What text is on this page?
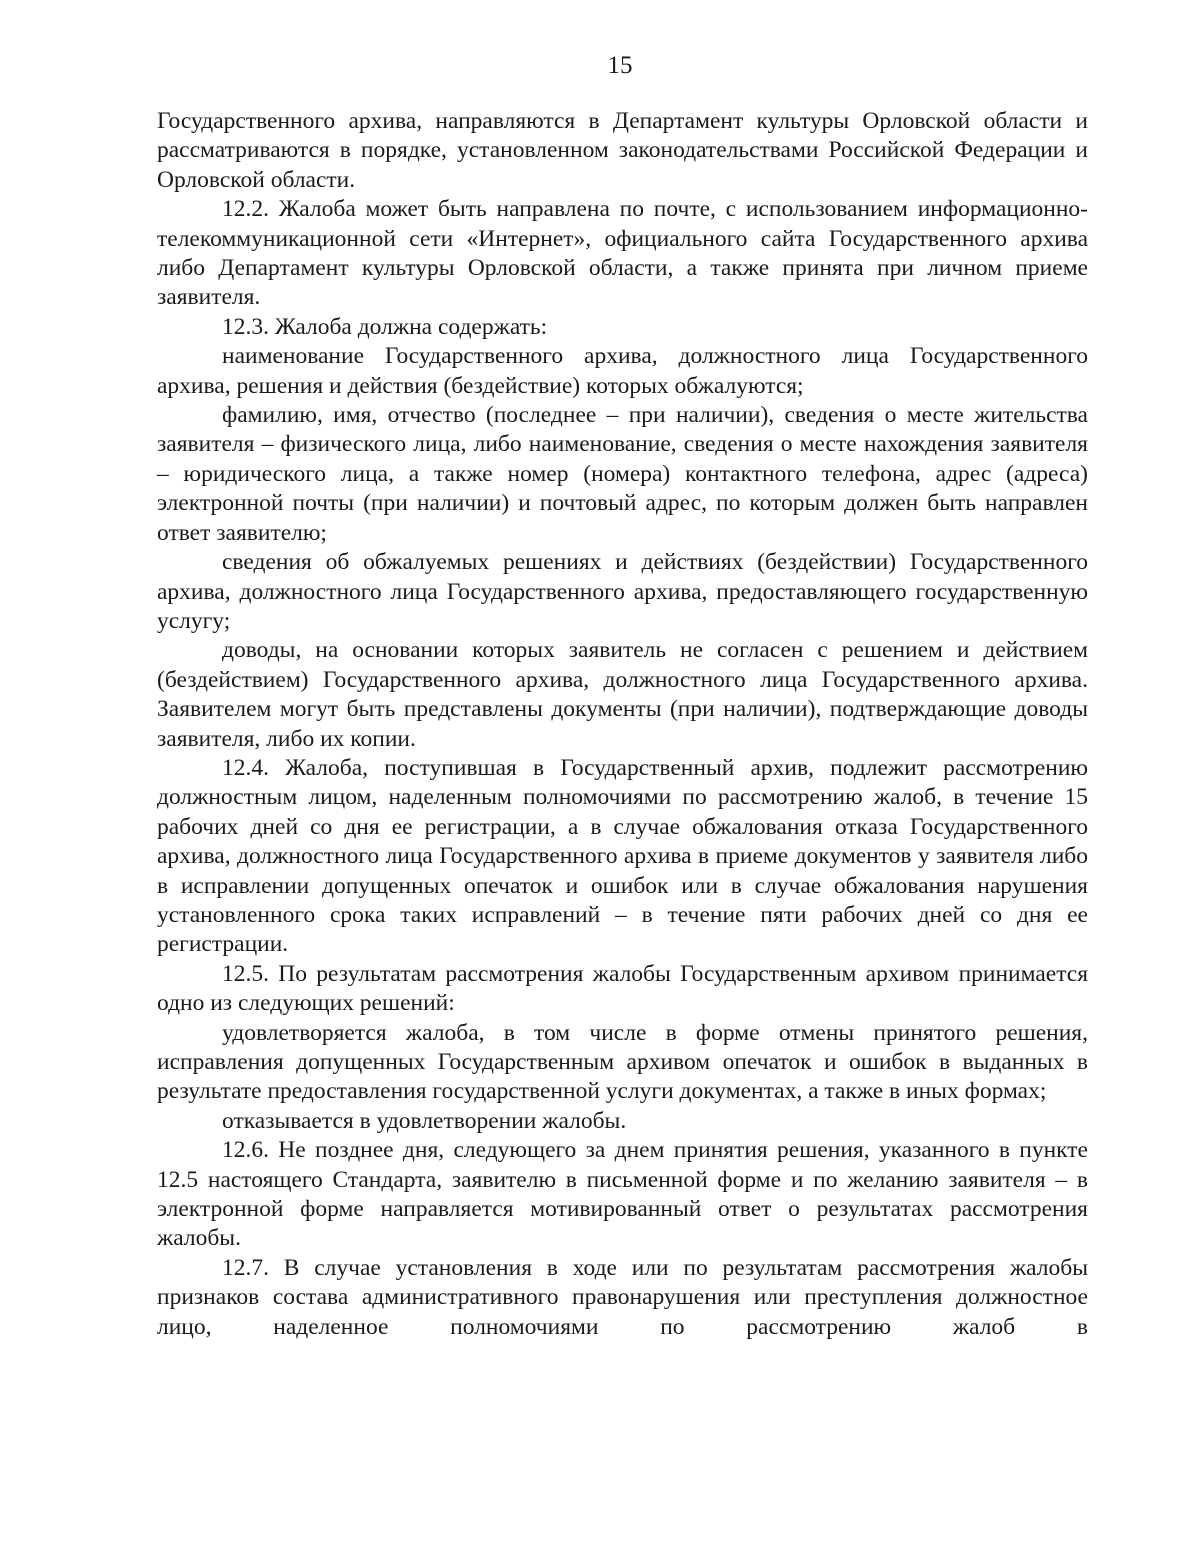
15

Государственного архива, направляются в Департамент культуры Орловской области и рассматриваются в порядке, установленном законодательствами Российской Федерации и Орловской области.

12.2. Жалоба может быть направлена по почте, с использованием информационно-телекоммуникационной сети «Интернет», официального сайта Государственного архива либо Департамент культуры Орловской области, а также принята при личном приеме заявителя.

12.3. Жалоба должна содержать:

наименование Государственного архива, должностного лица Государственного архива, решения и действия (бездействие) которых обжалуются;

фамилию, имя, отчество (последнее – при наличии), сведения о месте жительства заявителя – физического лица, либо наименование, сведения о месте нахождения заявителя – юридического лица, а также номер (номера) контактного телефона, адрес (адреса) электронной почты (при наличии) и почтовый адрес, по которым должен быть направлен ответ заявителю;

сведения об обжалуемых решениях и действиях (бездействии) Государственного архива, должностного лица Государственного архива, предоставляющего государственную услугу;

доводы, на основании которых заявитель не согласен с решением и действием (бездействием) Государственного архива, должностного лица Государственного архива. Заявителем могут быть представлены документы (при наличии), подтверждающие доводы заявителя, либо их копии.

12.4. Жалоба, поступившая в Государственный архив, подлежит рассмотрению должностным лицом, наделенным полномочиями по рассмотрению жалоб, в течение 15 рабочих дней со дня ее регистрации, а в случае обжалования отказа Государственного архива, должностного лица Государственного архива в приеме документов у заявителя либо в исправлении допущенных опечаток и ошибок или в случае обжалования нарушения установленного срока таких исправлений – в течение пяти рабочих дней со дня ее регистрации.

12.5. По результатам рассмотрения жалобы Государственным архивом принимается одно из следующих решений:

удовлетворяется жалоба, в том числе в форме отмены принятого решения, исправления допущенных Государственным архивом опечаток и ошибок в выданных в результате предоставления государственной услуги документах, а также в иных формах;

отказывается в удовлетворении жалобы.

12.6. Не позднее дня, следующего за днем принятия решения, указанного в пункте 12.5 настоящего Стандарта, заявителю в письменной форме и по желанию заявителя – в электронной форме направляется мотивированный ответ о результатах рассмотрения жалобы.

12.7. В случае установления в ходе или по результатам рассмотрения жалобы признаков состава административного правонарушения или преступления должностное лицо, наделенное полномочиями по рассмотрению жалоб в
